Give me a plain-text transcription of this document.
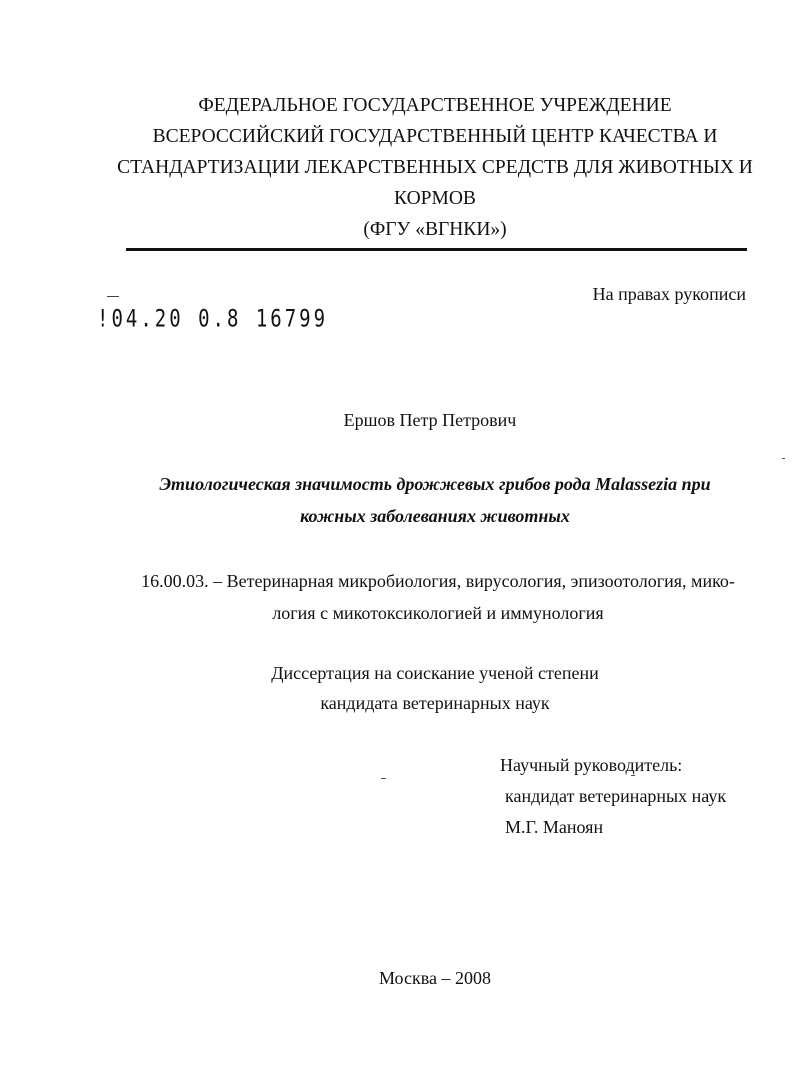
ФЕДЕРАЛЬНОЕ ГОСУДАРСТВЕННОЕ УЧРЕЖДЕНИЕ
ВСЕРОССИЙСКИЙ ГОСУДАРСТВЕННЫЙ ЦЕНТР КАЧЕСТВА И
СТАНДАРТИЗАЦИИ ЛЕКАРСТВЕННЫХ СРЕДСТВ ДЛЯ ЖИВОТНЫХ И
КОРМОВ
(ФГУ «ВГНКИ»)
На правах рукописи
!04.20 0.8 16799
Ершов Петр Петрович
Этиологическая значимость дрожжевых грибов рода Malassezia при
кожных заболеваниях животных
16.00.03. – Ветеринарная микробиология, вирусология, эпизоотология, мико-
логия с микотоксикологией и иммунология
Диссертация на соискание ученой степени
кандидата ветеринарных наук
Научный руководитель:
кандидат ветеринарных наук
М.Г. Маноян
Москва – 2008
